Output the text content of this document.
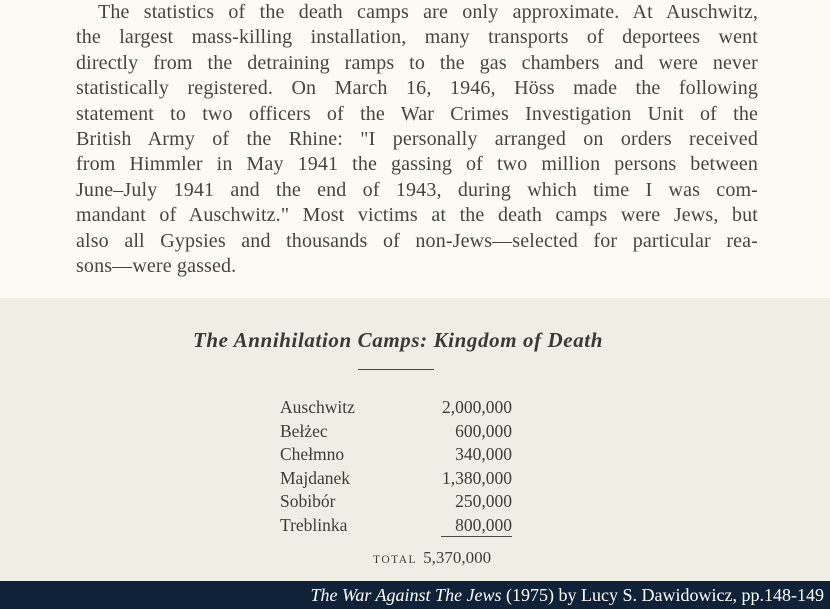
The statistics of the death camps are only approximate. At Auschwitz,
the largest mass-killing installation, many transports of deportees went
directly from the detraining ramps to the gas chambers and were never
statistically registered. On March 16, 1946, Höss made the following
statement to two officers of the War Crimes Investigation Unit of the
British Army of the Rhine: "I personally arranged on orders received
from Himmler in May 1941 the gassing of two million persons between
June–July 1941 and the end of 1943, during which time I was com-
mandant of Auschwitz." Most victims at the death camps were Jews, but
also all Gypsies and thousands of non-Jews—selected for particular rea-
sons—were gassed.
The Annihilation Camps: Kingdom of Death
Auschwitz	2,000,000
Bełżec	600,000
Chełmno	340,000
Majdanek	1,380,000
Sobibór	250,000
Treblinka	800,000
TOTAL 5,370,000

The War Against The Jews (1975) by Lucy S. Dawidowicz, pp.148-149
